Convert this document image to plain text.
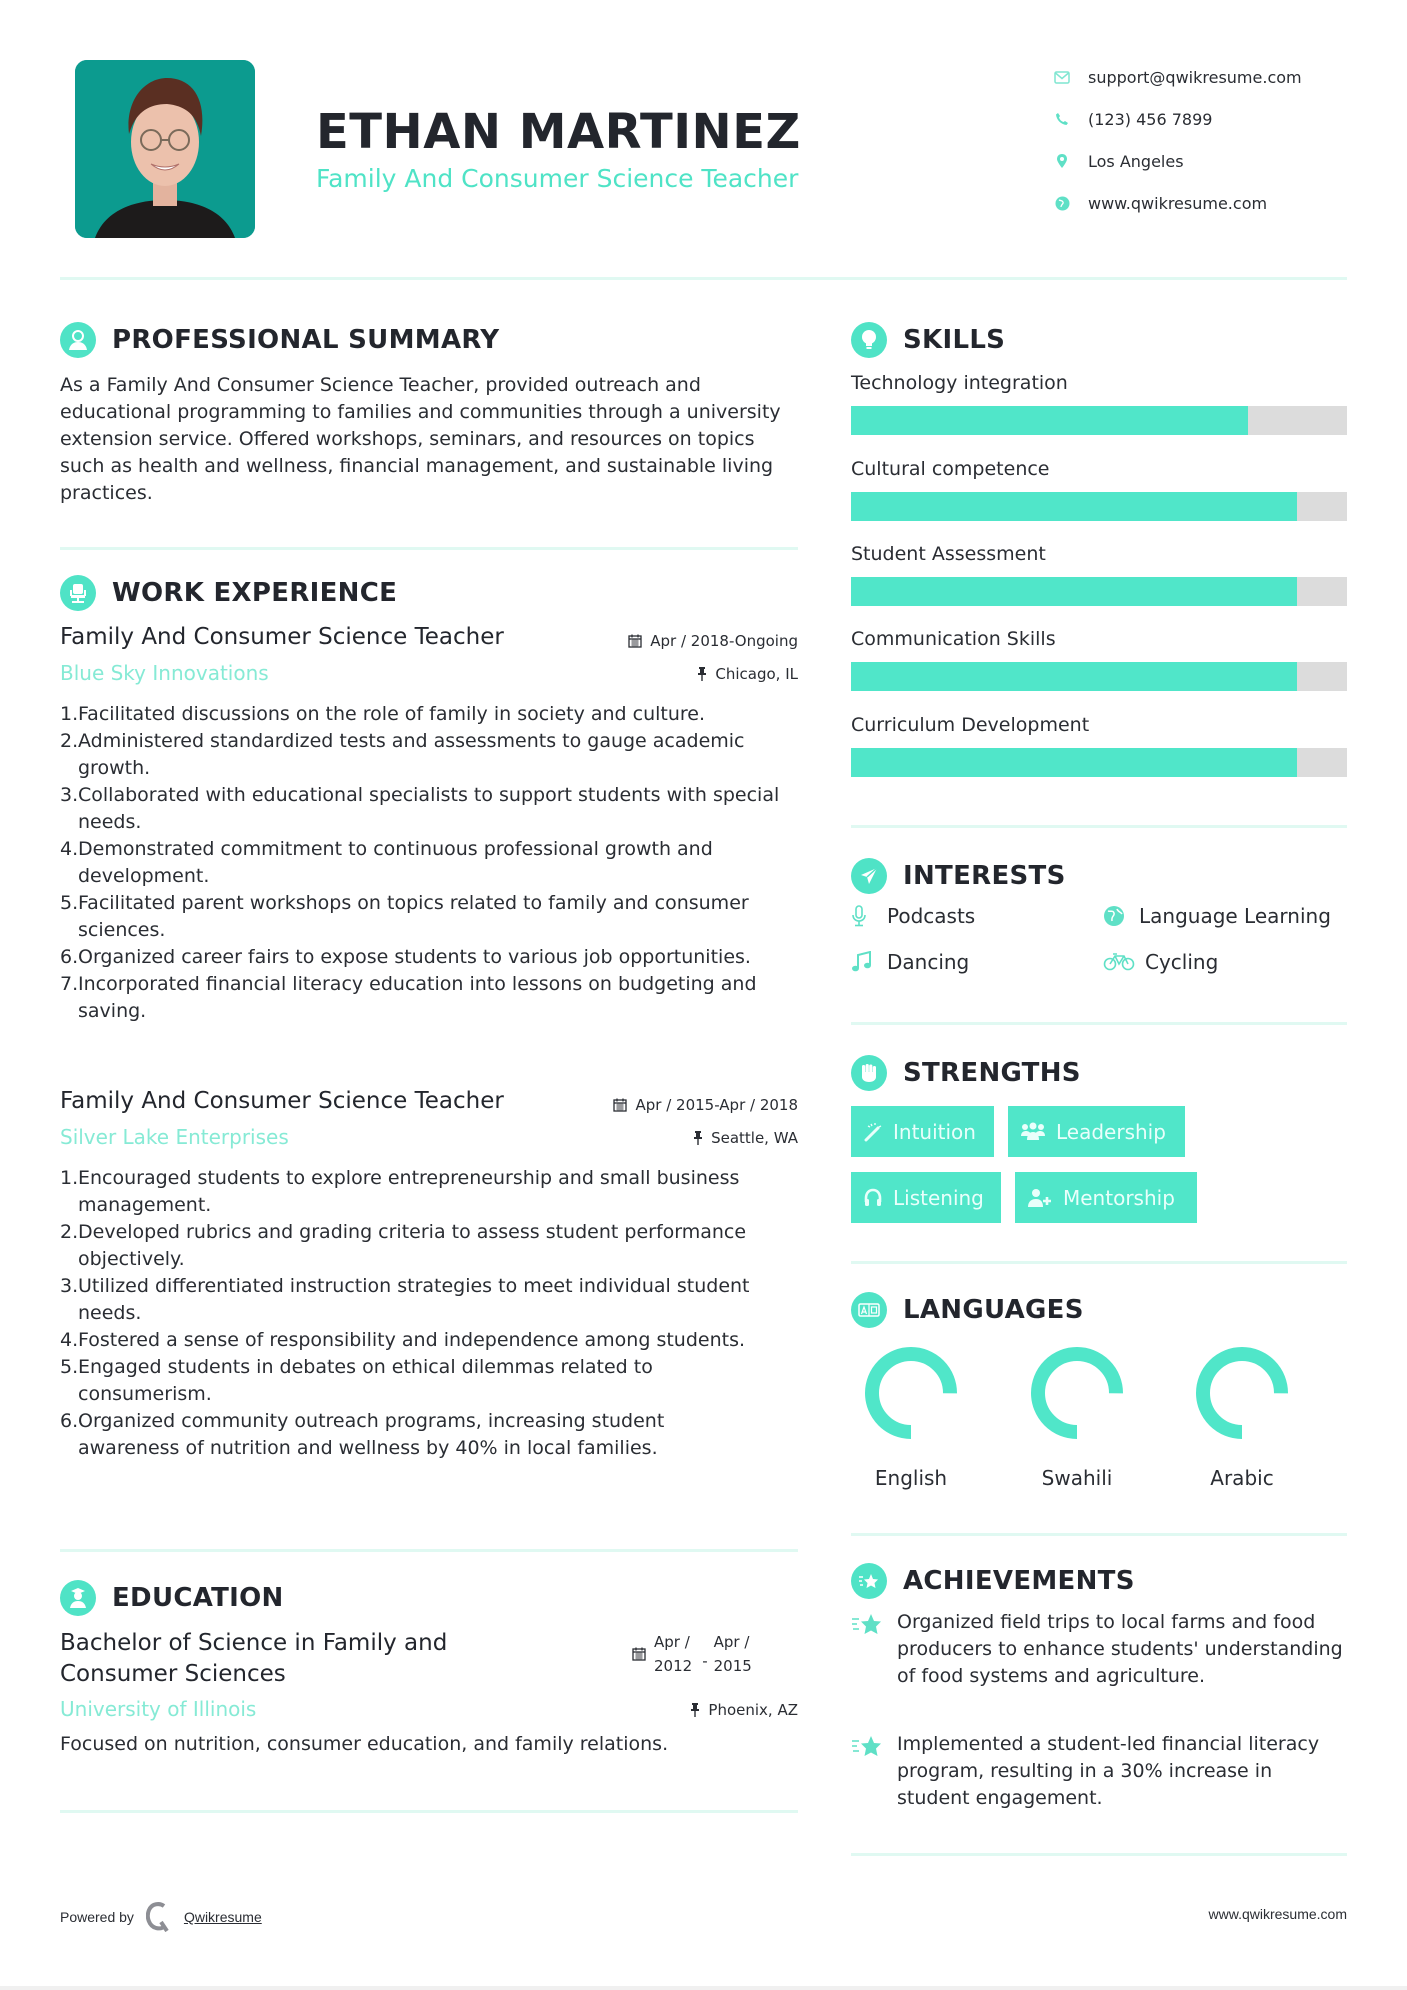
ETHAN MARTINEZ
Family And Consumer Science Teacher
support@qwikresume.com
(123) 456 7899
Los Angeles
www.qwikresume.com
PROFESSIONAL SUMMARY
As a Family And Consumer Science Teacher, provided outreach and educational programming to families and communities through a university extension service. Offered workshops, seminars, and resources on topics such as health and wellness, financial management, and sustainable living practices.
WORK EXPERIENCE
Family And Consumer Science Teacher	Apr / 2018-Ongoing
Blue Sky Innovations	Chicago, IL
1. Facilitated discussions on the role of family in society and culture.
2. Administered standardized tests and assessments to gauge academic growth.
3. Collaborated with educational specialists to support students with special needs.
4. Demonstrated commitment to continuous professional growth and development.
5. Facilitated parent workshops on topics related to family and consumer sciences.
6. Organized career fairs to expose students to various job opportunities.
7. Incorporated financial literacy education into lessons on budgeting and saving.
Family And Consumer Science Teacher	Apr / 2015-Apr / 2018
Silver Lake Enterprises	Seattle, WA
1. Encouraged students to explore entrepreneurship and small business management.
2. Developed rubrics and grading criteria to assess student performance objectively.
3. Utilized differentiated instruction strategies to meet individual student needs.
4. Fostered a sense of responsibility and independence among students.
5. Engaged students in debates on ethical dilemmas related to consumerism.
6. Organized community outreach programs, increasing student awareness of nutrition and wellness by 40% in local families.
EDUCATION
Bachelor of Science in Family and Consumer Sciences
Apr /
2012 -
Apr /
2015
University of Illinois	Phoenix, AZ
Focused on nutrition, consumer education, and family relations.
SKILLS
Technology integration
Cultural competence
Student Assessment
Communication Skills
Curriculum Development
INTERESTS
Podcasts	Language Learning
Dancing	Cycling
STRENGTHS
Intuition	Leadership
Listening	Mentorship
LANGUAGES
English	Swahili	Arabic
ACHIEVEMENTS
Organized field trips to local farms and food producers to enhance students' understanding of food systems and agriculture.
Implemented a student-led financial literacy program, resulting in a 30% increase in student engagement.
Powered by	Qwikresume	www.qwikresume.com
